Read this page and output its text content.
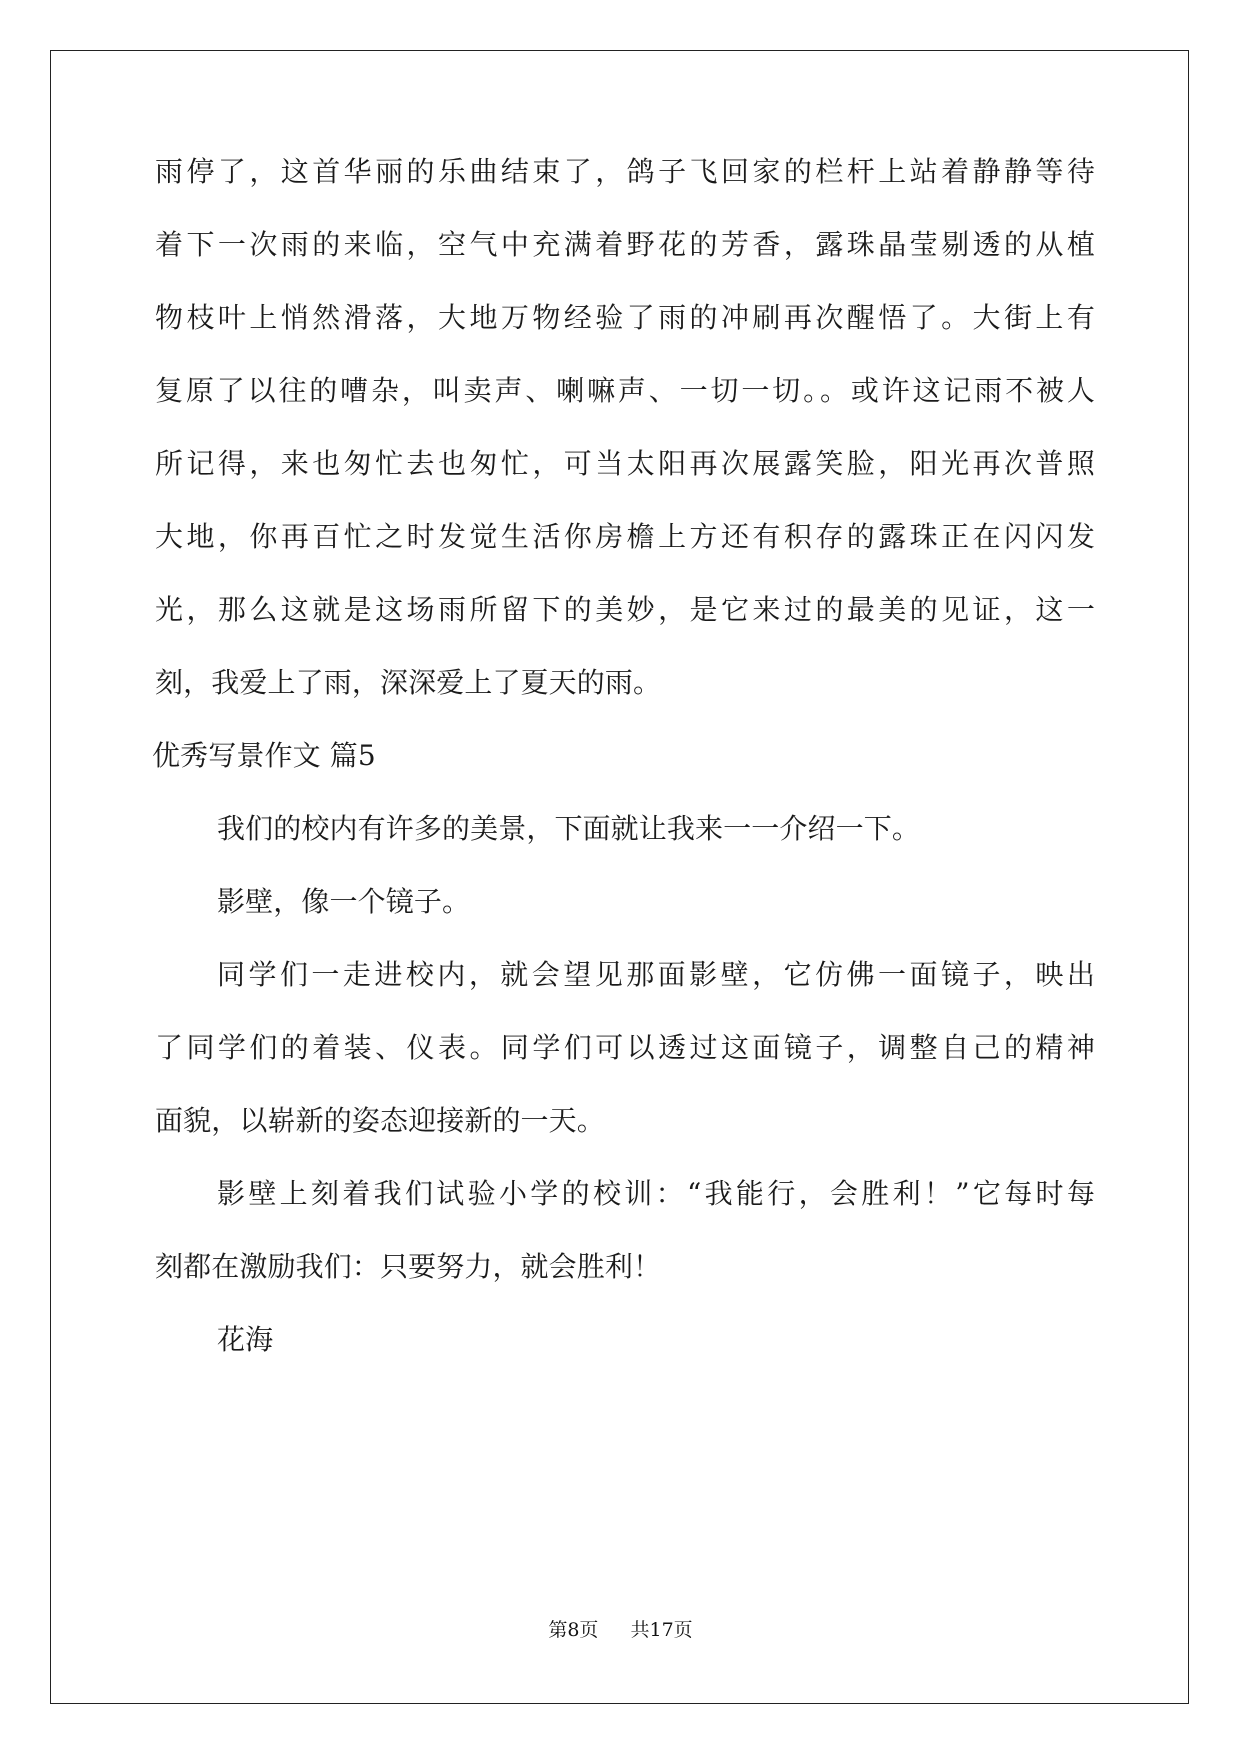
雨停了，这首华丽的乐曲结束了，鸽子飞回家的栏杆上站着静静等待
着下一次雨的来临，空气中充满着野花的芳香，露珠晶莹剔透的从植
物枝叶上悄然滑落，大地万物经验了雨的冲刷再次醒悟了。大街上有
复原了以往的嘈杂，叫卖声、喇嘛声、一切一切。。或许这记雨不被人
所记得，来也匆忙去也匆忙，可当太阳再次展露笑脸，阳光再次普照
大地，你再百忙之时发觉生活你房檐上方还有积存的露珠正在闪闪发
光，那么这就是这场雨所留下的美妙，是它来过的最美的见证，这一
刻，我爱上了雨，深深爱上了夏天的雨。
优秀写景作文 篇5
我们的校内有许多的美景，下面就让我来一一介绍一下。
影壁，像一个镜子。
同学们一走进校内，就会望见那面影壁，它仿佛一面镜子，映出
了同学们的着装、仪表。同学们可以透过这面镜子，调整自己的精神
面貌，以崭新的姿态迎接新的一天。
影壁上刻着我们试验小学的校训：“我能行，会胜利！”它每时每
刻都在激励我们：只要努力，就会胜利！
花海
第8页 共17页
